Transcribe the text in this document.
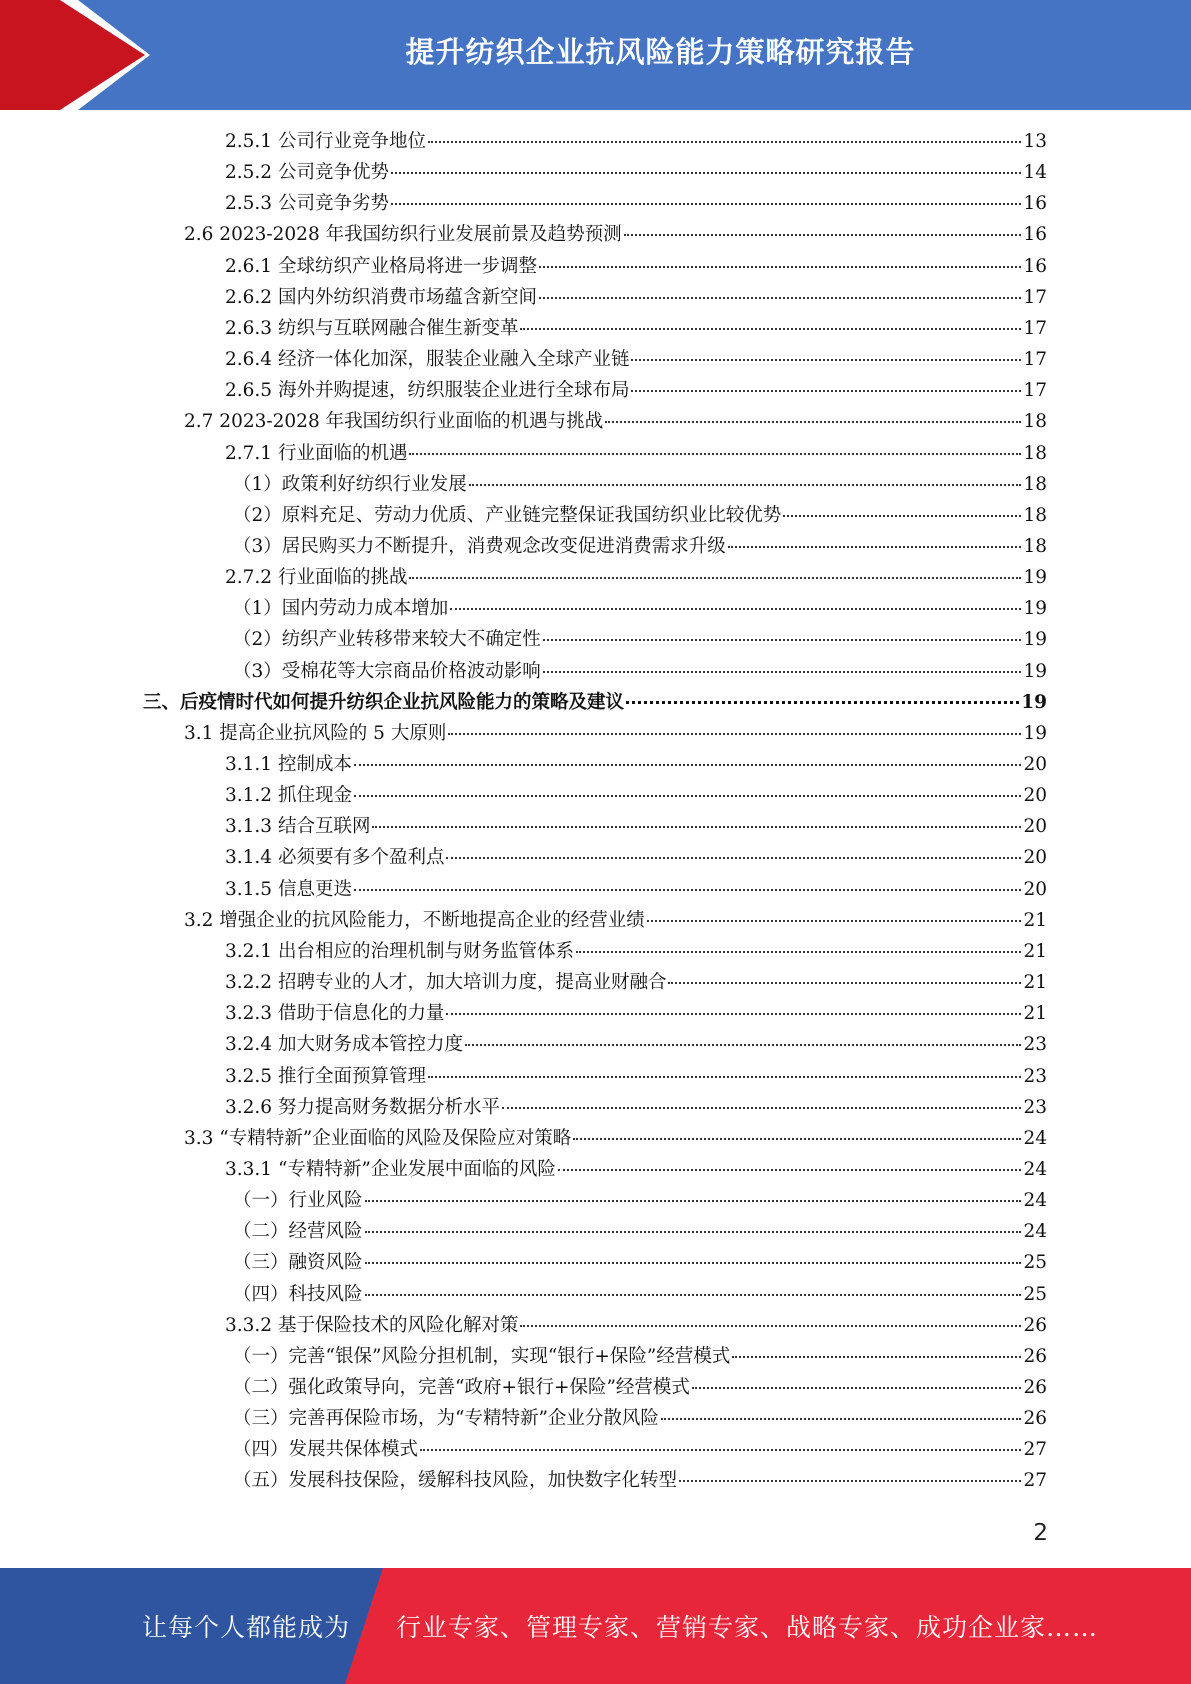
提升纺织企业抗风险能力策略研究报告
2.5.1 公司行业竞争地位	13
2.5.2 公司竞争优势	14
2.5.3 公司竞争劣势	16
2.6 2023-2028 年我国纺织行业发展前景及趋势预测	16
2.6.1 全球纺织产业格局将进一步调整	16
2.6.2 国内外纺织消费市场蕴含新空间	17
2.6.3 纺织与互联网融合催生新变革	17
2.6.4 经济一体化加深，服装企业融入全球产业链	17
2.6.5 海外并购提速，纺织服装企业进行全球布局	17
2.7 2023-2028 年我国纺织行业面临的机遇与挑战	18
2.7.1 行业面临的机遇	18
（1）政策利好纺织行业发展	18
（2）原料充足、劳动力优质、产业链完整保证我国纺织业比较优势	18
（3）居民购买力不断提升，消费观念改变促进消费需求升级	18
2.7.2 行业面临的挑战	19
（1）国内劳动力成本增加	19
（2）纺织产业转移带来较大不确定性	19
（3）受棉花等大宗商品价格波动影响	19
三、后疫情时代如何提升纺织企业抗风险能力的策略及建议	19
3.1 提高企业抗风险的 5 大原则	19
3.1.1 控制成本	20
3.1.2 抓住现金	20
3.1.3 结合互联网	20
3.1.4 必须要有多个盈利点	20
3.1.5 信息更迭	20
3.2 增强企业的抗风险能力，不断地提高企业的经营业绩	21
3.2.1 出台相应的治理机制与财务监管体系	21
3.2.2 招聘专业的人才，加大培训力度，提高业财融合	21
3.2.3 借助于信息化的力量	21
3.2.4 加大财务成本管控力度	23
3.2.5 推行全面预算管理	23
3.2.6 努力提高财务数据分析水平	23
3.3 “专精特新”企业面临的风险及保险应对策略	24
3.3.1 “专精特新”企业发展中面临的风险	24
（一）行业风险	24
（二）经营风险	24
（三）融资风险	25
（四）科技风险	25
3.3.2 基于保险技术的风险化解对策	26
（一）完善“银保”风险分担机制，实现“银行+保险”经营模式	26
（二）强化政策导向，完善“政府+银行+保险”经营模式	26
（三）完善再保险市场，为“专精特新”企业分散风险	26
（四）发展共保体模式	27
（五）发展科技保险，缓解科技风险，加快数字化转型	27
2
让每个人都能成为 行业专家、管理专家、营销专家、战略专家、成功企业家……
